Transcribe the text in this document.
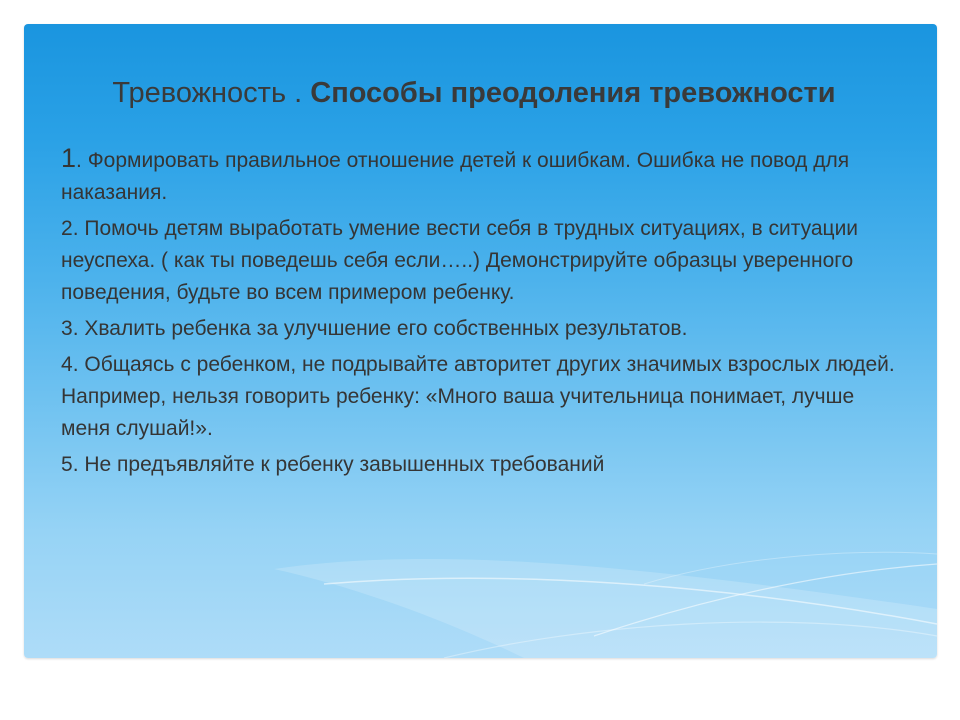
Тревожность . Способы преодоления тревожности
1. Формировать правильное отношение детей к ошибкам. Ошибка не повод для наказания.
2. Помочь детям выработать умение вести себя в трудных ситуациях, в ситуации неуспеха. ( как ты поведешь себя если…..) Демонстрируйте образцы уверенного поведения, будьте во всем примером ребенку.
3. Хвалить ребенка за улучшение его собственных результатов.
4. Общаясь с ребенком, не подрывайте авторитет других значимых взрослых людей. Например, нельзя говорить ребенку: «Много ваша учительница понимает, лучше меня слушай!».
5. Не предъявляйте к ребенку завышенных требований
